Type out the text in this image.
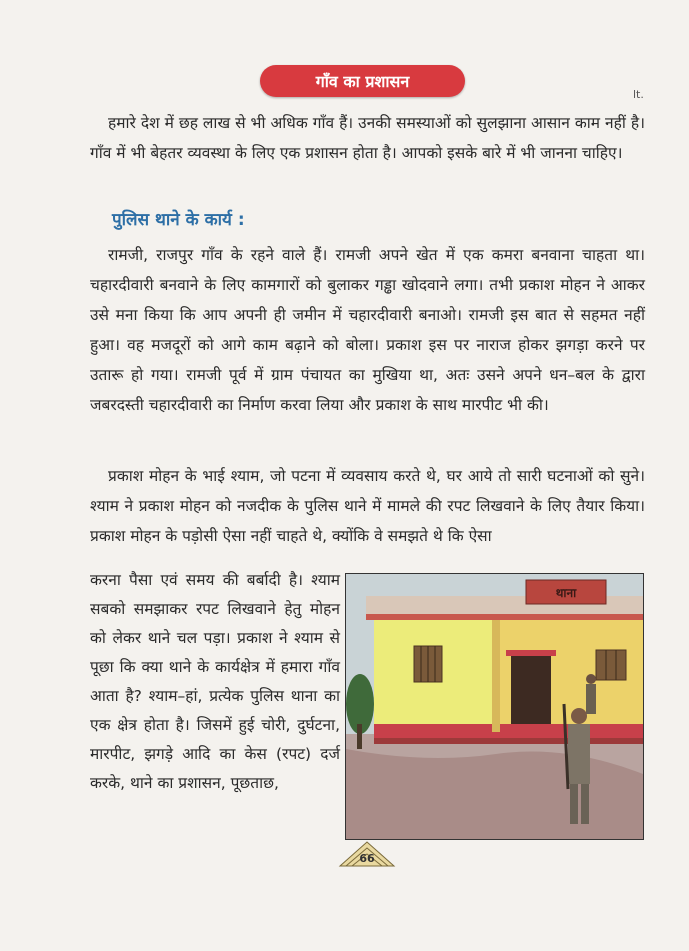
गाँव का प्रशासन
lt.
हमारे देश में छह लाख से भी अधिक गाँव हैं। उनकी समस्याओं को सुलझाना आसान काम नहीं है। गाँव में भी बेहतर व्यवस्था के लिए एक प्रशासन होता है। आपको इसके बारे में भी जानना चाहिए।
पुलिस थाने के कार्य :
रामजी, राजपुर गाँव के रहने वाले हैं। रामजी अपने खेत में एक कमरा बनवाना चाहता था। चहारदीवारी बनवाने के लिए कामगारों को बुलाकर गड्ढा खोदवाने लगा। तभी प्रकाश मोहन ने आकर उसे मना किया कि आप अपनी ही जमीन में चहारदीवारी बनाओ। रामजी इस बात से सहमत नहीं हुआ। वह मजदूरों को आगे काम बढ़ाने को बोला। प्रकाश इस पर नाराज होकर झगड़ा करने पर उतारू हो गया। रामजी पूर्व में ग्राम पंचायत का मुखिया था, अतः उसने अपने धन–बल के द्वारा जबरदस्ती चहारदीवारी का निर्माण करवा लिया और प्रकाश के साथ मारपीट भी की।
प्रकाश मोहन के भाई श्याम, जो पटना में व्यवसाय करते थे, घर आये तो सारी घटनाओं को सुने। श्याम ने प्रकाश मोहन को नजदीक के पुलिस थाने में मामले की रपट लिखवाने के लिए तैयार किया। प्रकाश मोहन के पड़ोसी ऐसा नहीं चाहते थे, क्योंकि वे समझते थे कि ऐसा
करना पैसा एवं समय की बर्बादी है। श्याम सबको समझाकर रपट लिखवाने हेतु मोहन को लेकर थाने चल पड़ा। प्रकाश ने श्याम से पूछा कि क्या थाने के कार्यक्षेत्र में हमारा गाँव आता है? श्याम–हां, प्रत्येक पुलिस थाना का एक क्षेत्र होता है। जिसमें हुई चोरी, दुर्घटना, मारपीट, झगड़े आदि का केस (रपट) दर्ज करके, थाने का प्रशासन, पूछताछ,
थाना
66
